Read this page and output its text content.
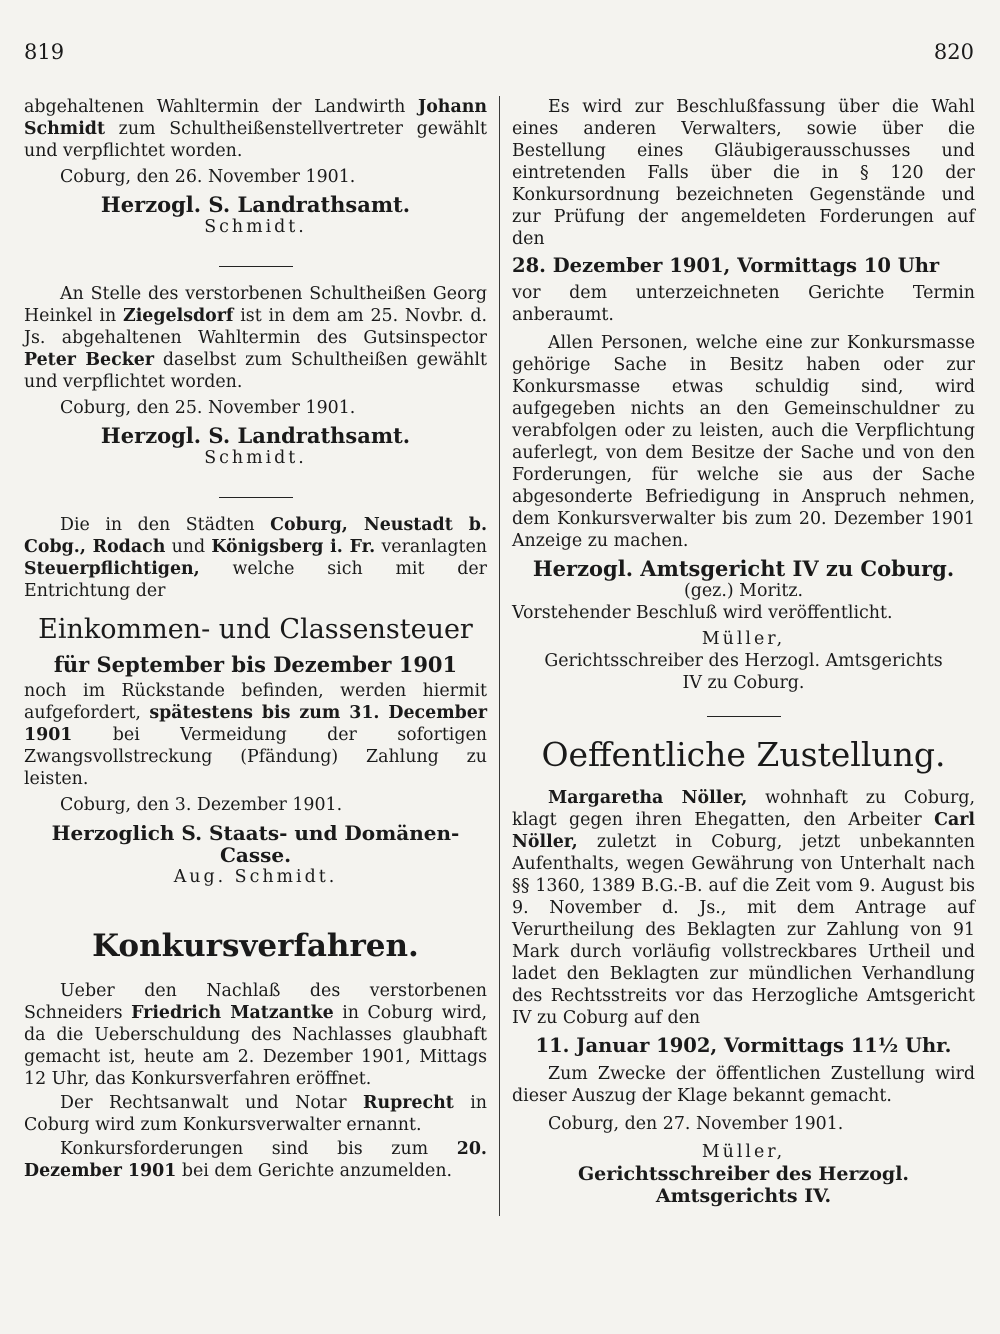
819	820

abgehaltenen Wahltermin der Landwirth Johann Schmidt zum Schultheißenstellvertreter gewählt und verpflichtet worden.

Coburg, den 26. November 1901.

Herzogl. S. Landrathsamt.

Schmidt.

An Stelle des verstorbenen Schultheißen Georg Heinkel in Ziegelsdorf ist in dem am 25. Novbr. d. Js. abgehaltenen Wahltermin des Gutsinspector Peter Becker daselbst zum Schultheißen gewählt und verpflichtet worden.

Coburg, den 25. November 1901.

Herzogl. S. Landrathsamt.

Schmidt.

Die in den Städten Coburg, Neustadt b. Cobg., Rodach und Königsberg i. Fr. veranlagten Steuerpflichtigen, welche sich mit der Entrichtung der

Einkommen- und Classensteuer

für September bis Dezember 1901

noch im Rückstande befinden, werden hiermit aufgefordert, spätestens bis zum 31. December 1901 bei Vermeidung der sofortigen Zwangsvollstreckung (Pfändung) Zahlung zu leisten.

Coburg, den 3. Dezember 1901.

Herzoglich S. Staats- und Domänen-Casse.

Aug. Schmidt.

Konkursverfahren.

Ueber den Nachlaß des verstorbenen Schneiders Friedrich Matzantke in Coburg wird, da die Ueberschuldung des Nachlasses glaubhaft gemacht ist, heute am 2. Dezember 1901, Mittags 12 Uhr, das Konkursverfahren eröffnet.

Der Rechtsanwalt und Notar Ruprecht in Coburg wird zum Konkursverwalter ernannt.

Konkursforderungen sind bis zum 20. Dezember 1901 bei dem Gerichte anzumelden.

Es wird zur Beschlußfassung über die Wahl eines anderen Verwalters, sowie über die Bestellung eines Gläubigerausschusses und eintretenden Falls über die in § 120 der Konkursordnung bezeichneten Gegenstände und zur Prüfung der angemeldeten Forderungen auf den

28. Dezember 1901, Vormittags 10 Uhr

vor dem unterzeichneten Gerichte Termin anberaumt.

Allen Personen, welche eine zur Konkursmasse gehörige Sache in Besitz haben oder zur Konkursmasse etwas schuldig sind, wird aufgegeben nichts an den Gemeinschuldner zu verabfolgen oder zu leisten, auch die Verpflichtung auferlegt, von dem Besitze der Sache und von den Forderungen, für welche sie aus der Sache abgesonderte Befriedigung in Anspruch nehmen, dem Konkursverwalter bis zum 20. Dezember 1901 Anzeige zu machen.

Herzogl. Amtsgericht IV zu Coburg.

(gez.) Moritz.

Vorstehender Beschluß wird veröffentlicht.

Müller,

Gerichtsschreiber des Herzogl. Amtsgerichts IV zu Coburg.

Oeffentliche Zustellung.

Margaretha Nöller, wohnhaft zu Coburg, klagt gegen ihren Ehegatten, den Arbeiter Carl Nöller, zuletzt in Coburg, jetzt unbekannten Aufenthalts, wegen Gewährung von Unterhalt nach §§ 1360, 1389 B.G.-B. auf die Zeit vom 9. August bis 9. November d. Js., mit dem Antrage auf Verurtheilung des Beklagten zur Zahlung von 91 Mark durch vorläufig vollstreckbares Urtheil und ladet den Beklagten zur mündlichen Verhandlung des Rechtsstreits vor das Herzogliche Amtsgericht IV zu Coburg auf den

11. Januar 1902, Vormittags 11½ Uhr.

Zum Zwecke der öffentlichen Zustellung wird dieser Auszug der Klage bekannt gemacht.

Coburg, den 27. November 1901.

Müller,

Gerichtsschreiber des Herzogl. Amtsgerichts IV.
